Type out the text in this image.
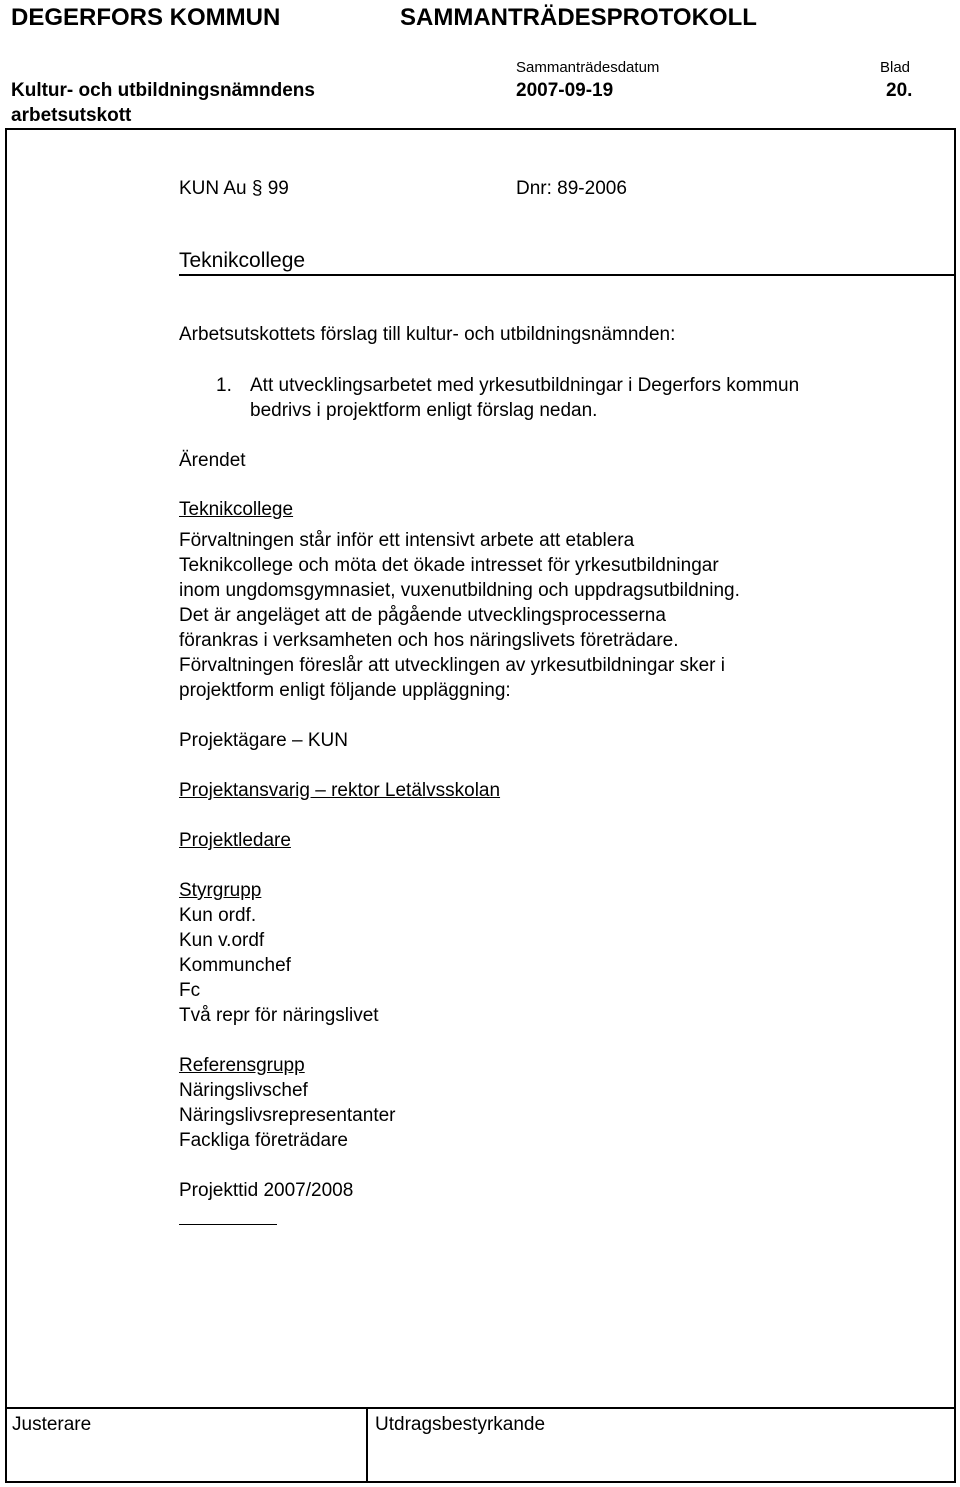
DEGERFORS KOMMUN	SAMMANTRÄDESPROTOKOLL
Sammanträdesdatum	Blad
Kultur- och utbildningsnämndens	2007-09-19	20.
arbetsutskott
Justerare	Utdragsbestyrkande
KUN Au § 99	Dnr: 89-2006
Teknikcollege
Arbetsutskottets förslag till kultur- och utbildningsnämnden:
1. Att utvecklingsarbetet med yrkesutbildningar i Degerfors kommun
bedrivs i projektform enligt förslag nedan.
Ärendet
Teknikcollege
Förvaltningen står inför ett intensivt arbete att etablera
Teknikcollege och möta det ökade intresset för yrkesutbildningar
inom ungdomsgymnasiet, vuxenutbildning och uppdragsutbildning.
Det är angeläget att de pågående utvecklingsprocesserna
förankras i verksamheten och hos näringslivets företrädare.
Förvaltningen föreslår att utvecklingen av yrkesutbildningar sker i
projektform enligt följande uppläggning:
Projektägare – KUN
Projektansvarig – rektor Letälvsskolan
Projektledare
Styrgrupp
Kun ordf.
Kun v.ordf
Kommunchef
Fc
Två repr för näringslivet
Referensgrupp
Näringslivschef
Näringslivsrepresentanter
Fackliga företrädare
Projekttid 2007/2008
